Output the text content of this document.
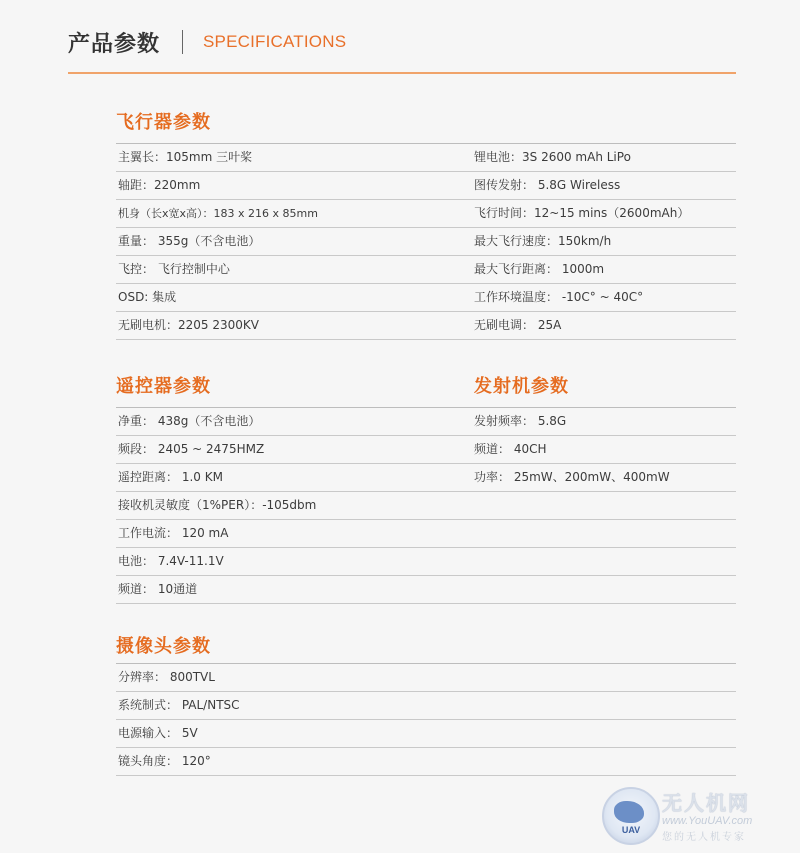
产品参数	SPECIFICATIONS
飞行器参数
主翼长：105mm 三叶桨	锂电池：3S 2600 mAh LiPo
轴距：220mm	图传发射： 5.8G Wireless
机身（长x宽x高）：183 x 216 x 85mm	飞行时间：12~15 mins（2600mAh）
重量： 355g（不含电池）	最大飞行速度：150km/h
飞控： 飞行控制中心	最大飞行距离： 1000m
OSD: 集成	工作环境温度： -10C° ~ 40C°
无刷电机：2205 2300KV	无刷电调： 25A
遥控器参数	发射机参数
净重： 438g（不含电池）	发射频率： 5.8G
频段： 2405 ~ 2475HMZ	频道： 40CH
遥控距离： 1.0 KM	功率： 25mW、200mW、400mW
接收机灵敏度（1%PER）：-105dbm
工作电流： 120 mA
电池： 7.4V-11.1V
频道： 10通道
摄像头参数
分辨率： 800TVL
系统制式： PAL/NTSC
电源输入： 5V
镜头角度： 120°
UAV
无人机网
www.YouUAV.com
您的无人机专家
